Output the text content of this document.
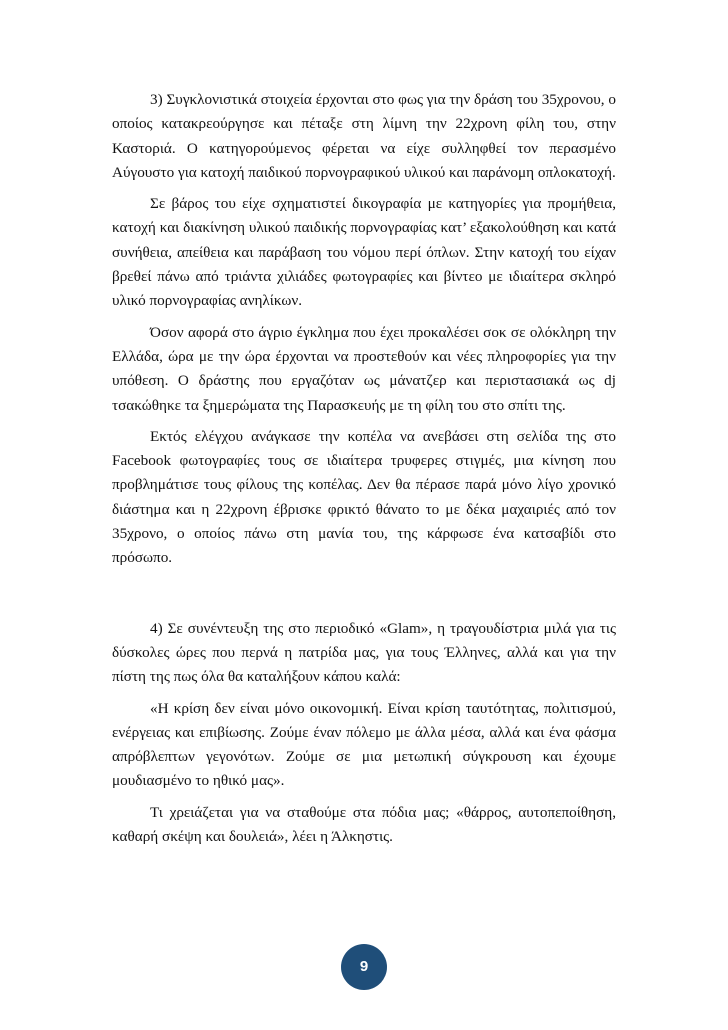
3) Συγκλονιστικά στοιχεία έρχονται στο φως για την δράση του 35χρονου, ο οποίος κατακρεούργησε και πέταξε στη λίμνη την 22χρονη φίλη του, στην Καστοριά. Ο κατηγορούμενος φέρεται να είχε συλληφθεί τον περασμένο Αύγουστο για κατοχή παιδικού πορνογραφικού υλικού και παράνομη οπλοκατοχή.

Σε βάρος του είχε σχηματιστεί δικογραφία με κατηγορίες για προμήθεια, κατοχή και διακίνηση υλικού παιδικής πορνογραφίας κατ’ εξακολούθηση και κατά συνήθεια, απείθεια και παράβαση του νόμου περί όπλων. Στην κατοχή του είχαν βρεθεί πάνω από τριάντα χιλιάδες φωτογραφίες και βίντεο με ιδιαίτερα σκληρό υλικό πορνογραφίας ανηλίκων.

Όσον αφορά στο άγριο έγκλημα που έχει προκαλέσει σοκ σε ολόκληρη την Ελλάδα, ώρα με την ώρα έρχονται να προστεθούν και νέες πληροφορίες για την υπόθεση. Ο δράστης που εργαζόταν ως μάνατζερ και περιστασιακά ως dj τσακώθηκε τα ξημερώματα της Παρασκευής με τη φίλη του στο σπίτι της.

Εκτός ελέγχου ανάγκασε την κοπέλα να ανεβάσει στη σελίδα της στο Facebook φωτογραφίες τους σε ιδιαίτερα τρυφερες στιγμές, μια κίνηση που προβλημάτισε τους φίλους της κοπέλας. Δεν θα πέρασε παρά μόνο λίγο χρονικό διάστημα και η 22χρονη έβρισκε φρικτό θάνατο το με δέκα μαχαιριές από τον 35χρονο, ο οποίος πάνω στη μανία του, της κάρφωσε ένα κατσαβίδι στο πρόσωπο.

4) Σε συνέντευξη της στο περιοδικό «Glam», η τραγουδίστρια μιλά για τις δύσκολες ώρες που περνά η πατρίδα μας, για τους Έλληνες, αλλά και για την πίστη της πως όλα θα καταλήξουν κάπου καλά:

«Η κρίση δεν είναι μόνο οικονομική. Είναι κρίση ταυτότητας, πολιτισμού, ενέργειας και επιβίωσης. Ζούμε έναν πόλεμο με άλλα μέσα, αλλά και ένα φάσμα απρόβλεπτων γεγονότων. Ζούμε σε μια μετωπική σύγκρουση και έχουμε μουδιασμένο το ηθικό μας».

Τι χρειάζεται για να σταθούμε στα πόδια μας; «θάρρος, αυτοπεποίθηση, καθαρή σκέψη και δουλειά», λέει η Άλκηστις.

9
